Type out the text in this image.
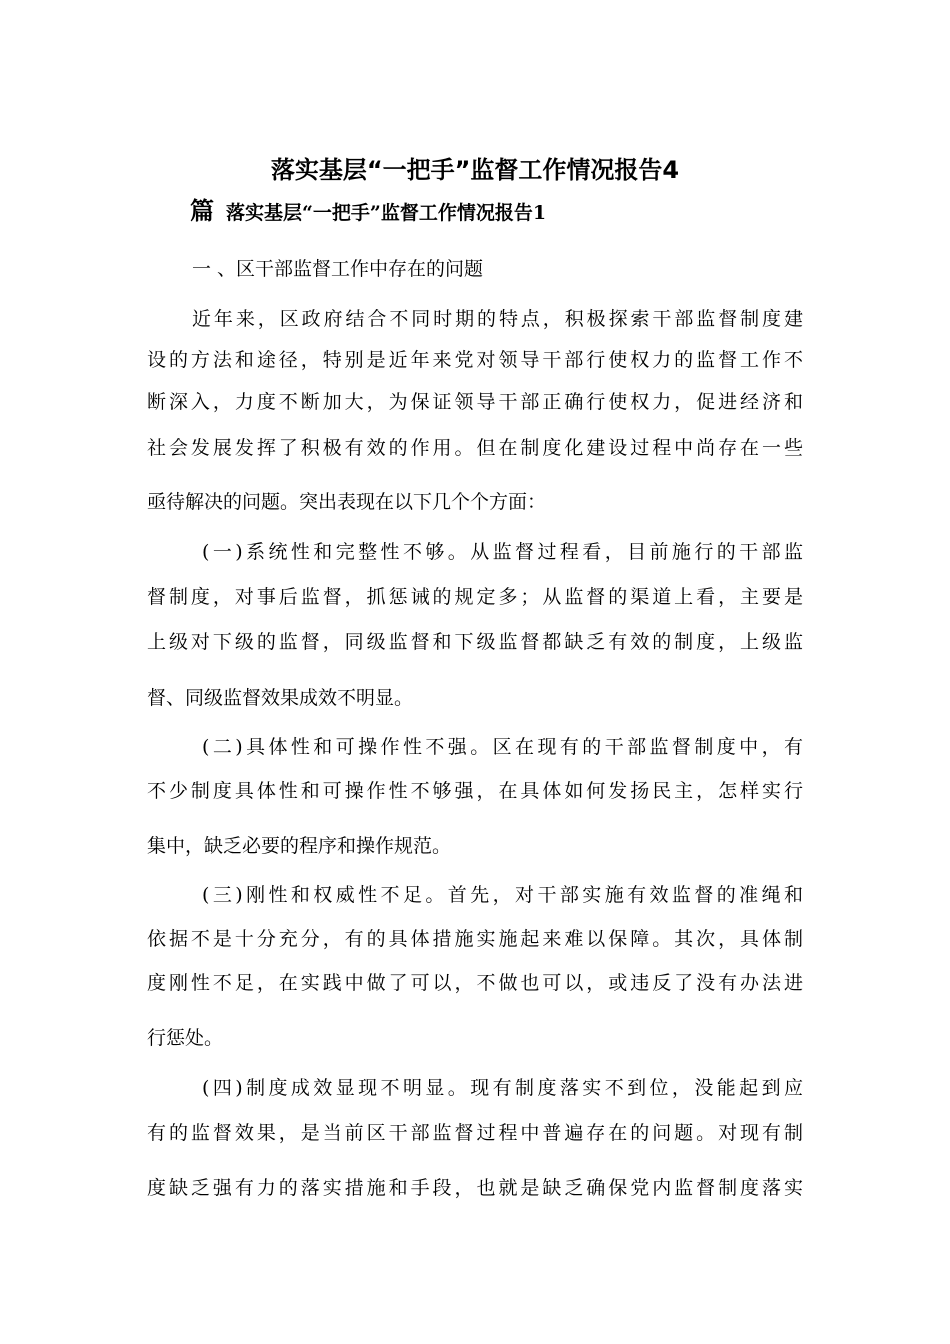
落实基层“一把手”监督工作情况报告4
篇 落实基层“一把手”监督工作情况报告1
一 、区干部监督工作中存在的问题
近年来，区政府结合不同时期的特点，积极探索干部监督制度建
设的方法和途径，特别是近年来党对领导干部行使权力的监督工作不
断深入，力度不断加大，为保证领导干部正确行使权力，促进经济和
社会发展发挥了积极有效的作用。但在制度化建设过程中尚存在一些
亟待解决的问题。突出表现在以下几个个方面：
(一)系统性和完整性不够。从监督过程看，目前施行的干部监
督制度，对事后监督，抓惩诫的规定多；从监督的渠道上看，主要是
上级对下级的监督，同级监督和下级监督都缺乏有效的制度，上级监
督、同级监督效果成效不明显。
(二)具体性和可操作性不强。区在现有的干部监督制度中，有
不少制度具体性和可操作性不够强，在具体如何发扬民主，怎样实行
集中，缺乏必要的程序和操作规范。
(三)刚性和权威性不足。首先，对干部实施有效监督的准绳和
依据不是十分充分，有的具体措施实施起来难以保障。其次，具体制
度刚性不足，在实践中做了可以，不做也可以，或违反了没有办法进
行惩处。
(四)制度成效显现不明显。现有制度落实不到位，没能起到应
有的监督效果，是当前区干部监督过程中普遍存在的问题。对现有制
度缺乏强有力的落实措施和手段，也就是缺乏确保党内监督制度落实
